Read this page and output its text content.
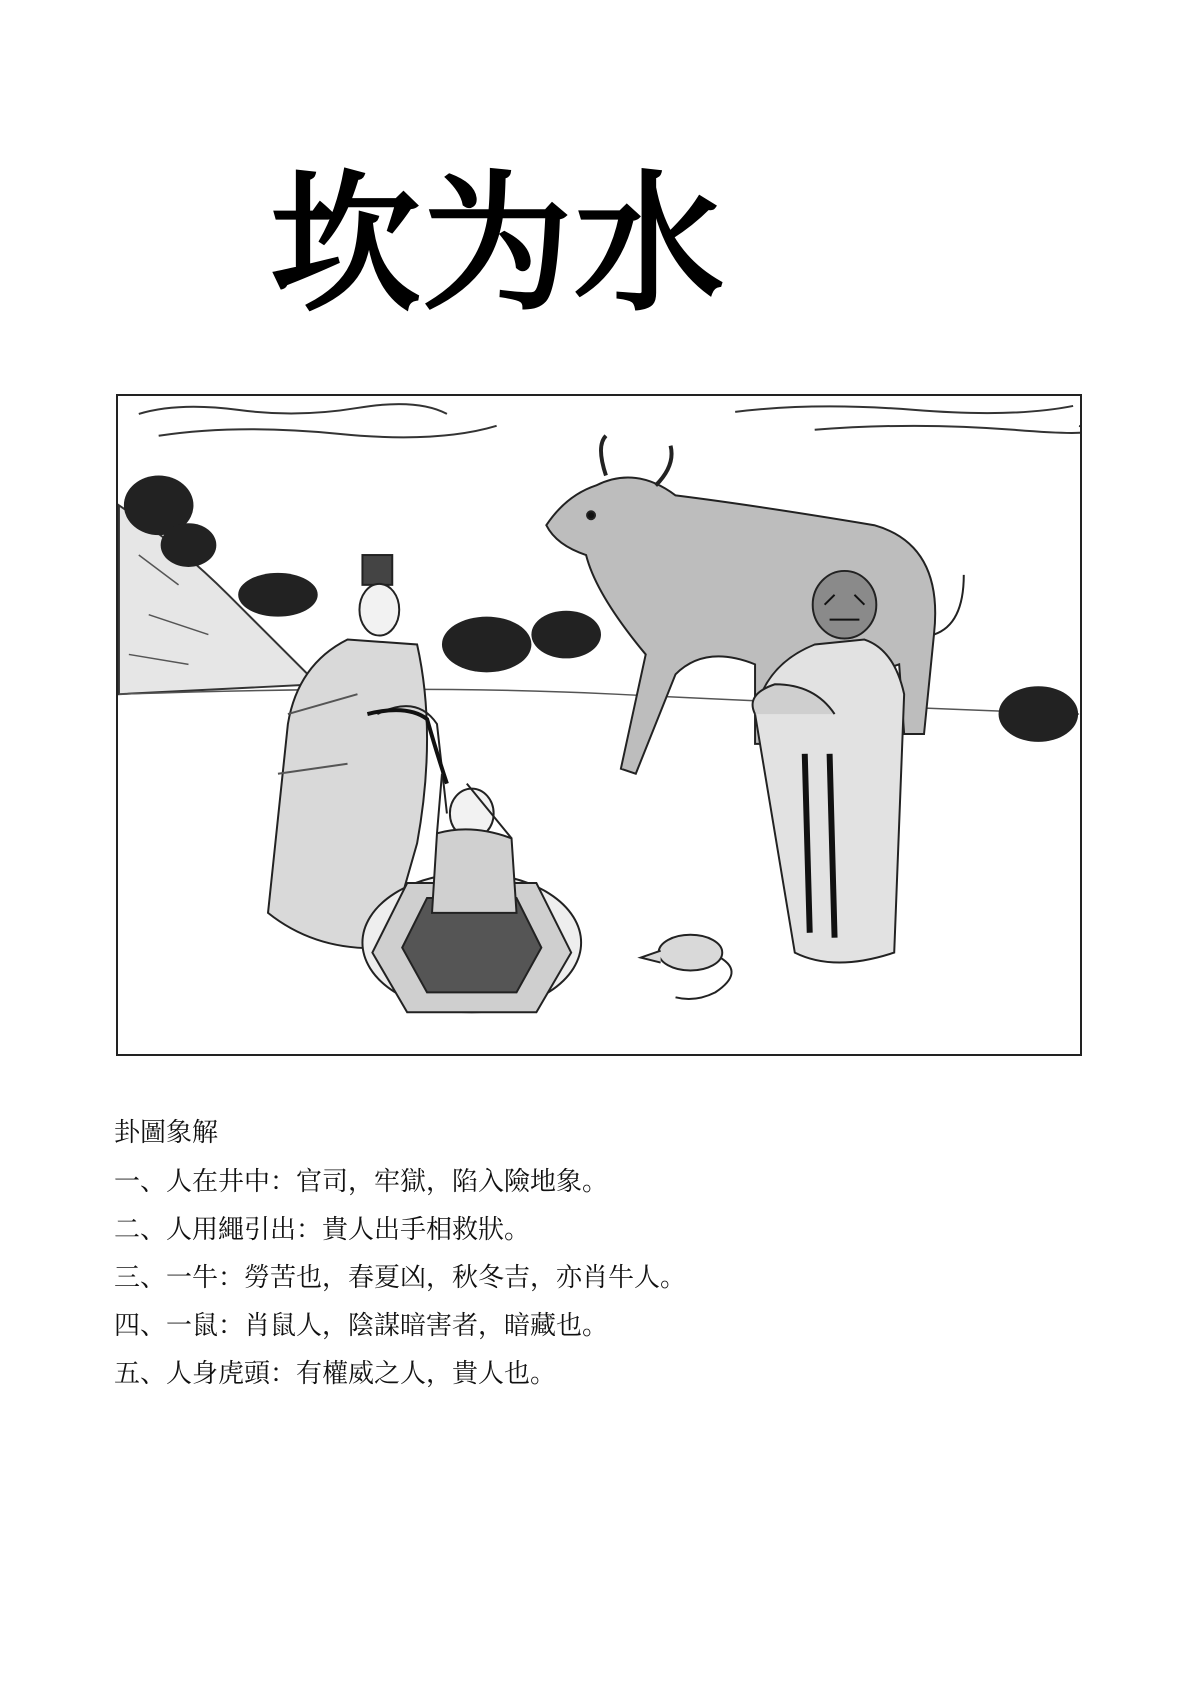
坎为水
卦圖象解
一、人在井中：官司，牢獄，陷入險地象。
二、人用繩引出：貴人出手相救狀。
三、一牛：勞苦也，春夏凶，秋冬吉，亦肖牛人。
四、一鼠：肖鼠人，陰謀暗害者，暗藏也。
五、人身虎頭：有權威之人，貴人也。
